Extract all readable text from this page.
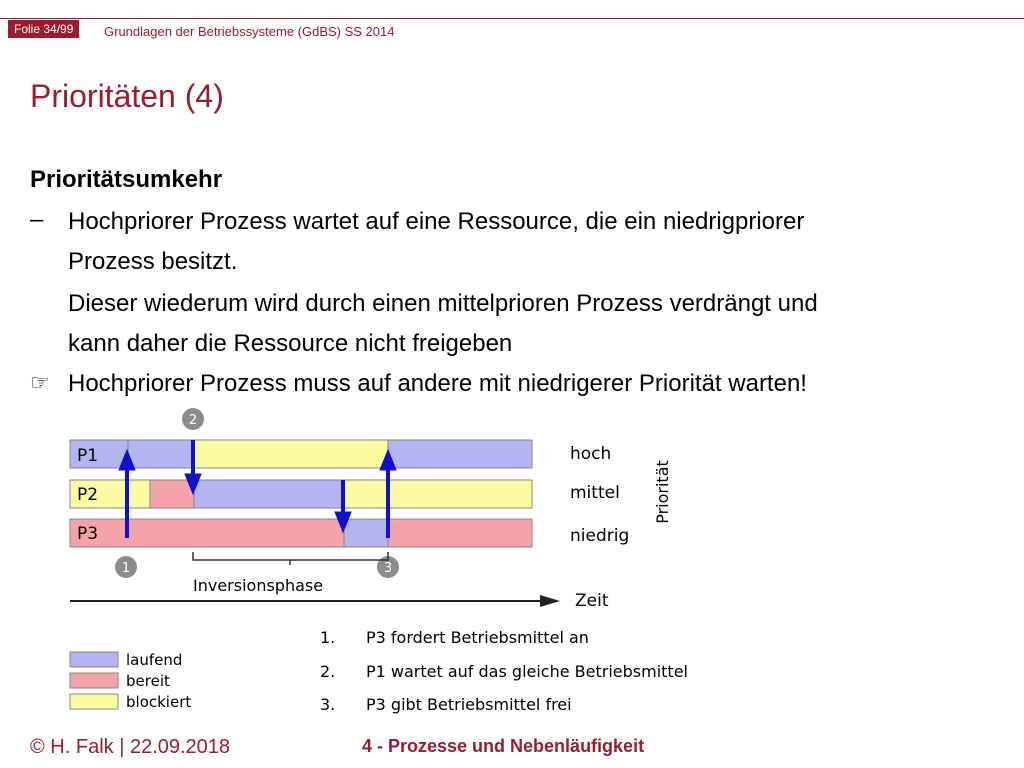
Folie 34/99	Grundlagen der Betriebssysteme (GdBS) SS 2014
Prioritäten (4)
Prioritätsumkehr
– Hochpriorer Prozess wartet auf eine Ressource, die ein niedrigpriorer
Prozess besitzt.
Dieser wiederum wird durch einen mittelprioren Prozess verdrängt und
kann daher die Ressource nicht freigeben
☞ Hochpriorer Prozess muss auf andere mit niedrigerer Priorität warten!
P1
P2
P3
2
1	3
Inversionsphase
Zeit
hoch
mittel
niedrig
Priorität
laufend
bereit
blockiert
1. P3 fordert Betriebsmittel an
2. P1 wartet auf das gleiche Betriebsmittel
3. P3 gibt Betriebsmittel frei
© H. Falk | 22.09.2018	4 - Prozesse und Nebenläufigkeit
